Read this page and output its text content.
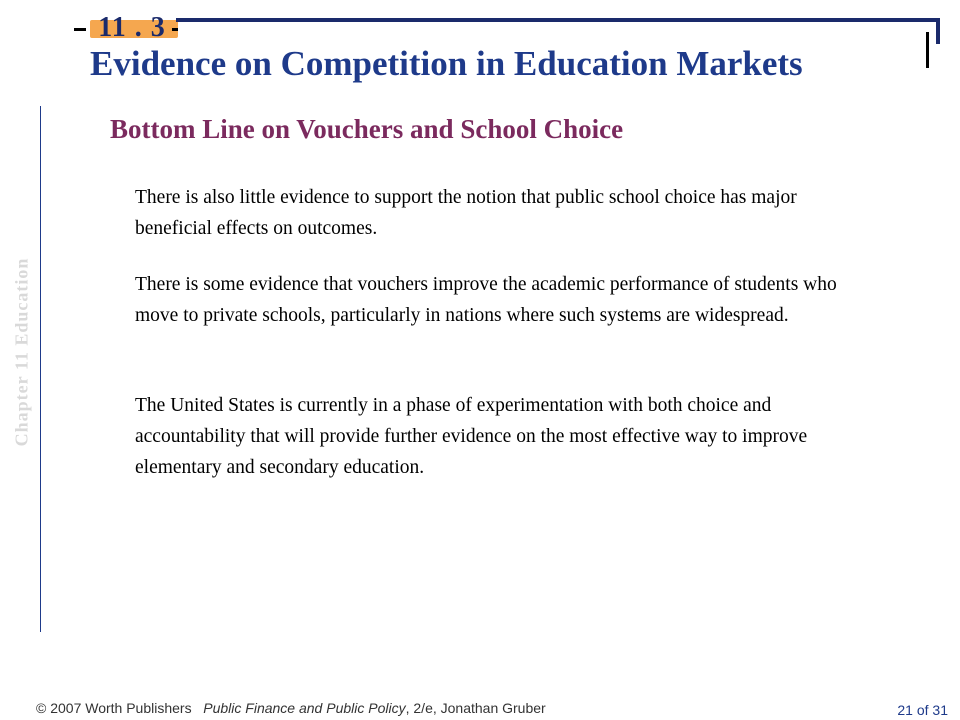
11 . 3
Evidence on Competition in Education Markets
Chapter 11 Education
Bottom Line on Vouchers and School Choice
There is also little evidence to support the notion that public school choice has major beneficial effects on outcomes.
There is some evidence that vouchers improve the academic performance of students who move to private schools, particularly in nations where such systems are widespread.
The United States is currently in a phase of experimentation with both choice and accountability that will provide further evidence on the most effective way to improve elementary and secondary education.
© 2007 Worth Publishers Public Finance and Public Policy, 2/e, Jonathan Gruber	21 of 31
